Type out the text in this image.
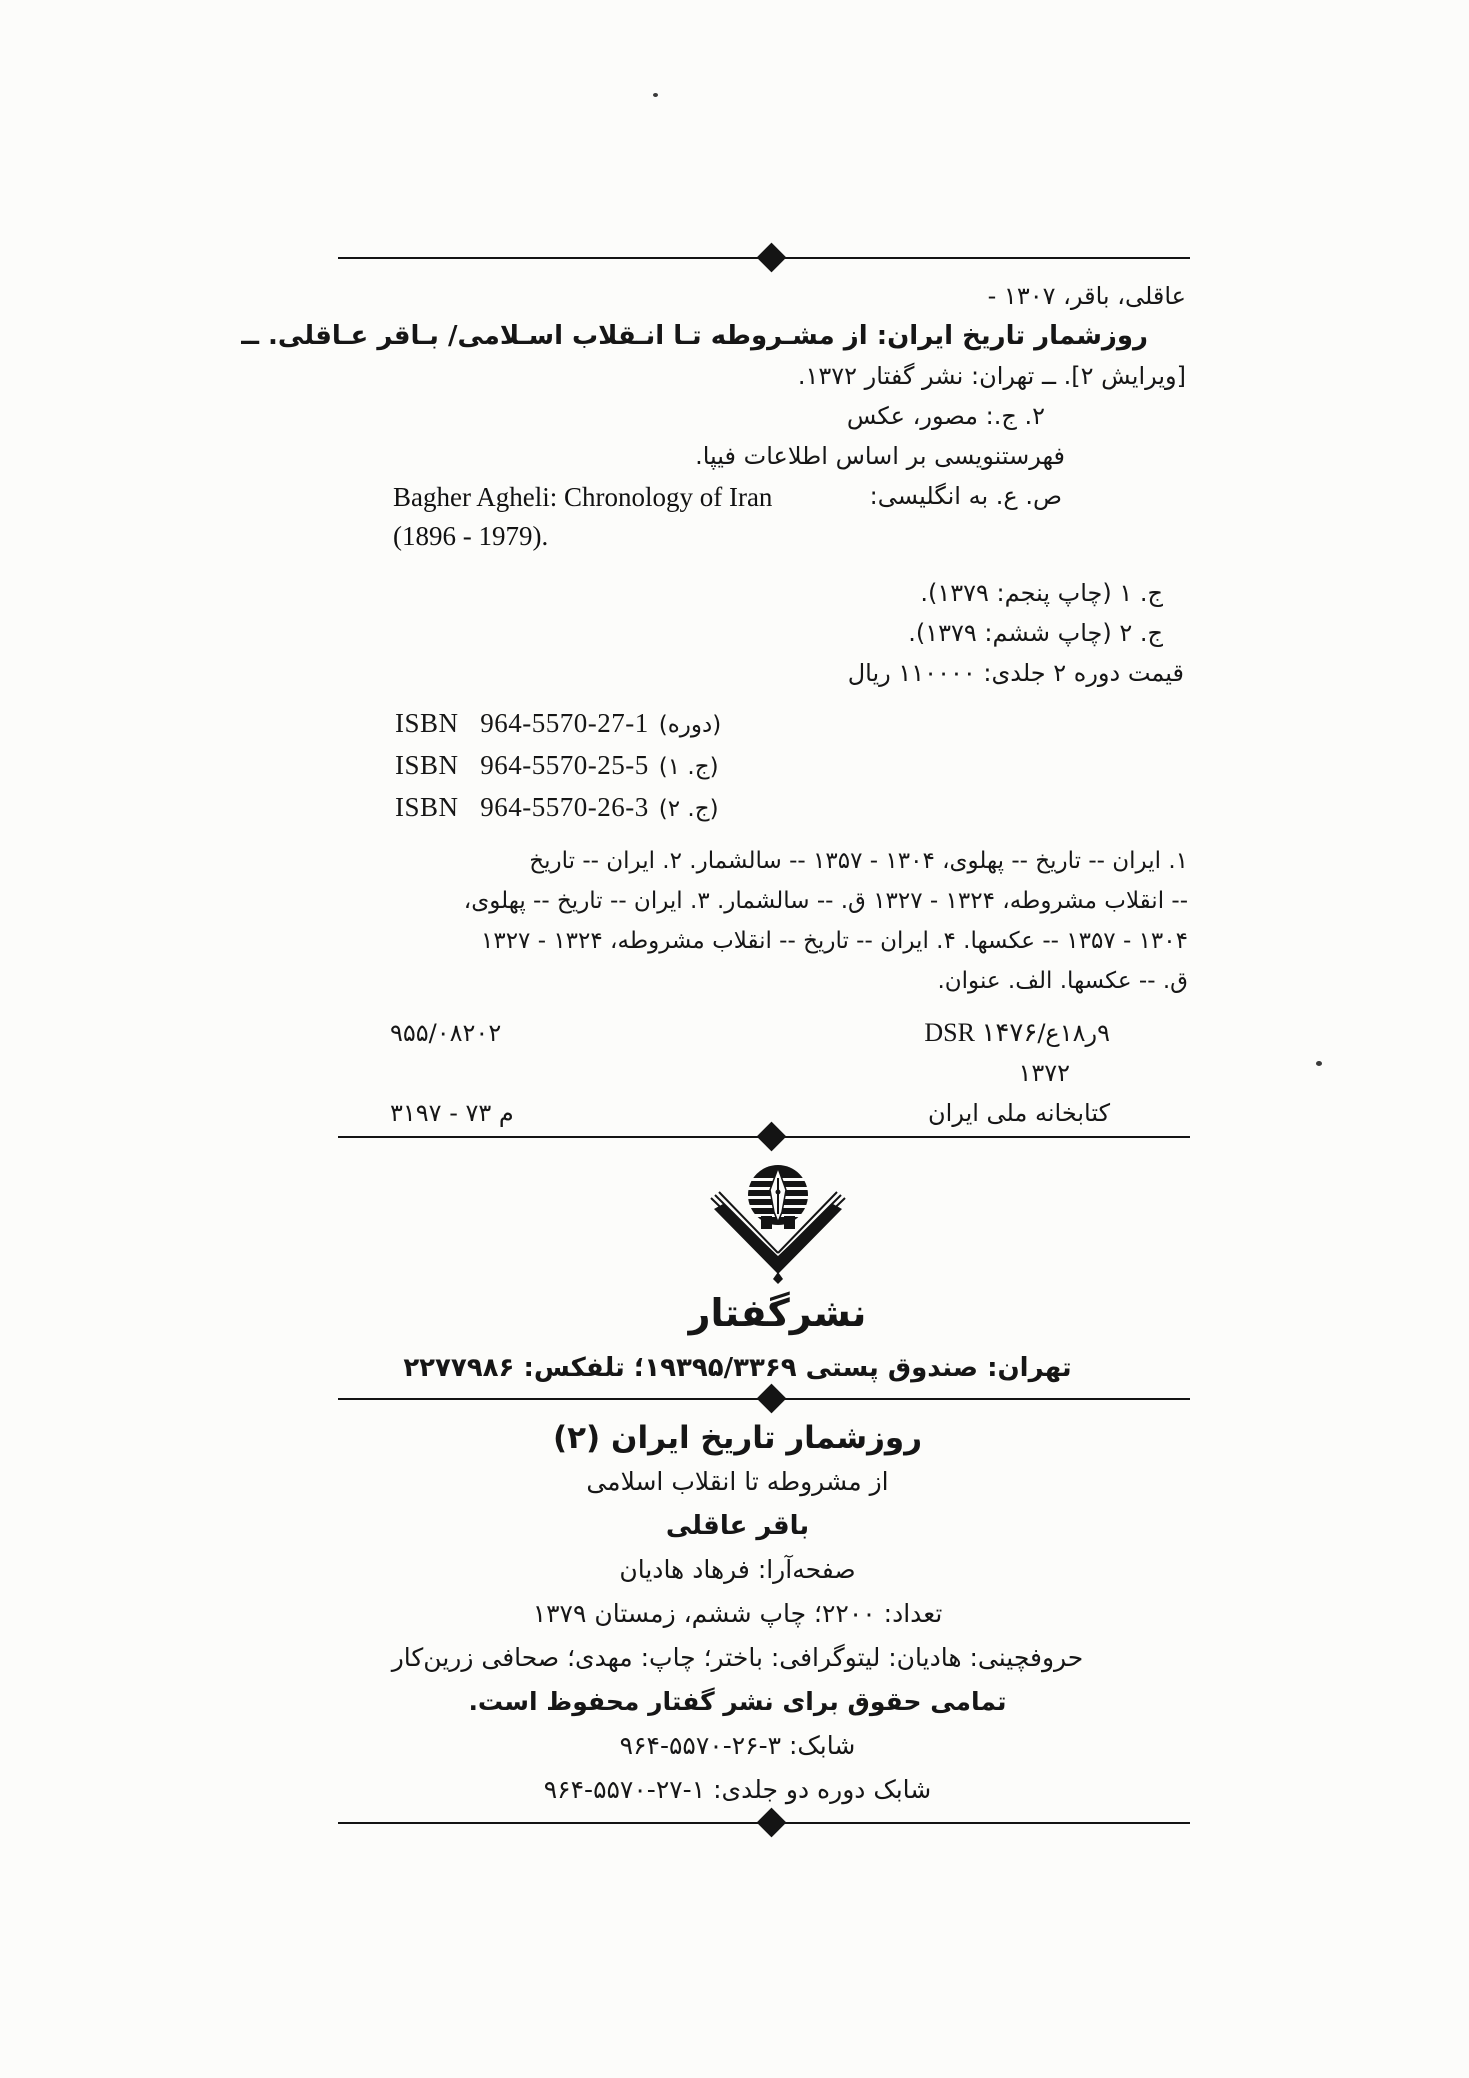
عاقلی، باقر، ۱۳۰۷ -
روزشمار تاریخ ایران: از مشـروطه تـا انـقلاب اسـلامی/ بـاقر عـاقلی. ــ
[ویرایش ۲]. ــ تهران: نشر گفتار ۱۳۷۲.
۲. ج.: مصور، عکس
فهرستنویسی بر اساس اطلاعات فیپا.
ص. ع. به انگلیسی:
Bagher Agheli: Chronology of Iran
(1896 - 1979).
ج. ۱ (چاپ پنجم: ۱۳۷۹).
ج. ۲ (چاپ ششم: ۱۳۷۹).
قیمت دوره ۲ جلدی: ۱۱۰۰۰۰ ریال
ISBN   964-5570-27-1 (دوره)
ISBN   964-5570-25-5 (ج. ۱)
ISBN   964-5570-26-3 (ج. ۲)
۱. ایران -- تاریخ -- پهلوی، ۱۳۰۴ - ۱۳۵۷ -- سالشمار. ۲. ایران -- تاریخ
-- انقلاب مشروطه، ۱۳۲۴ - ۱۳۲۷ ق. -- سالشمار. ۳. ایران -- تاریخ -- پهلوی،
۱۳۰۴ - ۱۳۵۷ -- عکسها. ۴. ایران -- تاریخ -- انقلاب مشروطه، ۱۳۲۴ - ۱۳۲۷
ق. -- عکسها. الف. عنوان.
۹ر۱۸ع/DSR ۱۴۷۶
۹۵۵/۰۸۲۰۲
۱۳۷۲
کتابخانه ملی ایران
۳۱۹۷ - ۷۳ م
نشرگفتار
تهران: صندوق پستی ۱۹۳۹۵/۳۳۶۹؛ تلفکس: ۲۲۷۷۹۸۶
روزشمار تاریخ ایران (۲)
از مشروطه تا انقلاب اسلامی
باقر عاقلی
صفحه‌آرا: فرهاد هادیان
تعداد: ۲۲۰۰؛ چاپ ششم، زمستان ۱۳۷۹
حروفچینی: هادیان: لیتوگرافی: باختر؛ چاپ: مهدی؛ صحافی زرین‌کار
تمامی حقوق برای نشر گفتار محفوظ است.
شابک: ۳-۲۶-۵۵۷۰-۹۶۴
شابک دوره دو جلدی: ۱-۲۷-۵۵۷۰-۹۶۴
